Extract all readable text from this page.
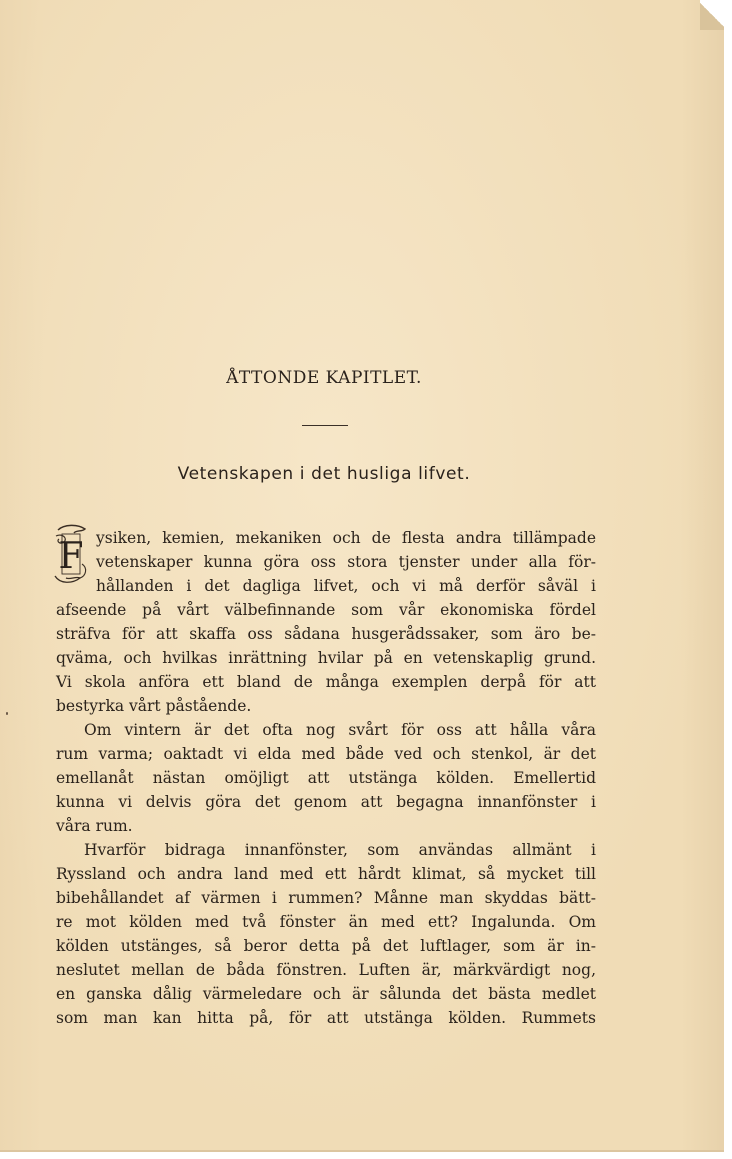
ÅTTONDE KAPITLET.
Vetenskapen i det husliga lifvet.
F ysiken, kemien, mekaniken och de flesta andra tillämpade
vetenskaper kunna göra oss stora tjenster under alla för-
hållanden i det dagliga lifvet, och vi må derför såväl i
afseende på vårt välbefinnande som vår ekonomiska fördel
sträfva för att skaffa oss sådana husgerådssaker, som äro be-
qväma, och hvilkas inrättning hvilar på en vetenskaplig grund.
Vi skola anföra ett bland de många exemplen derpå för att
bestyrka vårt påstående.
Om vintern är det ofta nog svårt för oss att hålla våra
rum varma; oaktadt vi elda med både ved och stenkol, är det
emellanåt nästan omöjligt att utstänga kölden. Emellertid
kunna vi delvis göra det genom att begagna innanfönster i
våra rum.
Hvarför bidraga innanfönster, som användas allmänt i
Ryssland och andra land med ett hårdt klimat, så mycket till
bibehållandet af värmen i rummen? Månne man skyddas bätt-
re mot kölden med två fönster än med ett? Ingalunda. Om
kölden utstänges, så beror detta på det luftlager, som är in-
neslutet mellan de båda fönstren. Luften är, märkvärdigt nog,
en ganska dålig värmeledare och är sålunda det bästa medlet
som man kan hitta på, för att utstänga kölden. Rummets
